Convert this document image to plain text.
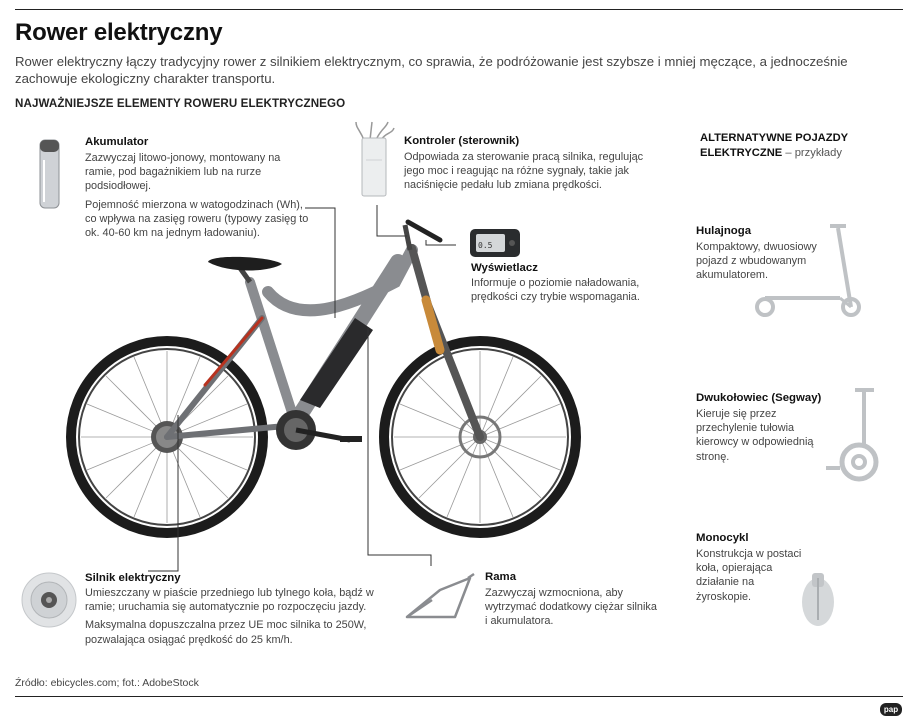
Rower elektryczny
Rower elektryczny łączy tradycyjny rower z silnikiem elektrycznym, co sprawia, że podróżowanie jest szybsze i mniej męczące, a jednocześnie zachowuje ekologiczny charakter transportu.
NAJWAŻNIEJSZE ELEMENTY ROWERU ELEKTRYCZNEGO
0.5
Akumulator

Zazwyczaj litowo-jonowy, montowany na ramie, pod bagażnikiem lub na rurze podsiodłowej.

Pojemność mierzona w watogodzinach (Wh), co wpływa na zasięg roweru (typowy zasięg to ok. 40-60 km na jednym ładowaniu).

Kontroler (sterownik)

Odpowiada za sterowanie pracą silnika, regulując jego moc i reagując na różne sygnały, takie jak naciśnięcie pedału lub zmiana prędkości.

Wyświetlacz

Informuje o poziomie naładowania, prędkości czy trybie wspomagania.

Silnik elektryczny

Umieszczany w piaście przedniego lub tylnego koła, bądź w ramie; uruchamia się automatycznie po rozpoczęciu jazdy.

Maksymalna dopuszczalna przez UE moc silnika to 250W, pozwalająca osiągać prędkość do 25 km/h.

Rama

Zazwyczaj wzmocniona, aby wytrzymać dodatkowy ciężar silnika i akumulatora.

ALTERNATYWNE POJAZDY ELEKTRYCZNE – przykłady
Hulajnoga
Kompaktowy, dwuosiowy pojazd z wbudowanym akumulatorem.
Dwukołowiec (Segway)
Kieruje się przez przechylenie tułowia kierowcy w odpowiednią stronę.
Monocykl
Konstrukcja w postaci koła, opierająca działanie na żyroskopie.
Źródło: ebicycles.com; fot.: AdobeStock
pap
